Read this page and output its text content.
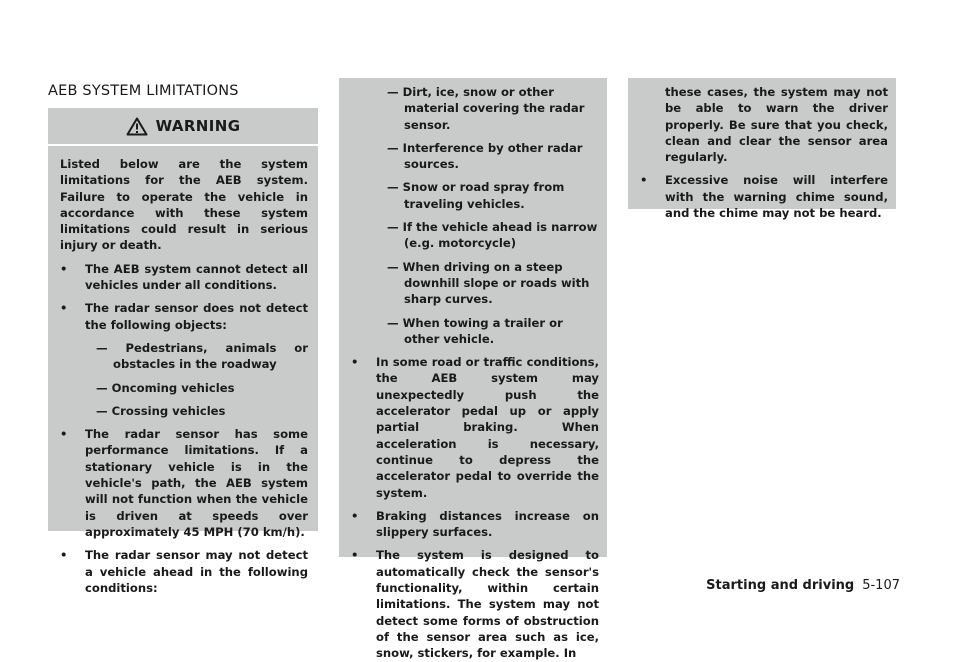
AEB SYSTEM LIMITATIONS
WARNING

Listed below are the system limitations for the AEB system. Failure to operate the vehicle in accordance with these system limitations could result in serious injury or death.

•	The AEB system cannot detect all vehicles under all conditions.
•	The radar sensor does not detect the following objects:
— Pedestrians, animals or obstacles in the roadway
— Oncoming vehicles
— Crossing vehicles
•	The radar sensor has some performance limitations. If a stationary vehicle is in the vehicle's path, the AEB system will not function when the vehicle is driven at speeds over approximately 45 MPH (70 km/h).
•	The radar sensor may not detect a vehicle ahead in the following conditions:
— Dirt, ice, snow or other material covering the radar sensor.
— Interference by other radar sources.
— Snow or road spray from traveling vehicles.
— If the vehicle ahead is narrow (e.g. motorcycle)
— When driving on a steep downhill slope or roads with sharp curves.
— When towing a trailer or other vehicle.
•	In some road or traffic conditions, the AEB system may unexpectedly push the accelerator pedal up or apply partial braking. When acceleration is necessary, continue to depress the accelerator pedal to override the system.
•	Braking distances increase on slippery surfaces.
•	The system is designed to automatically check the sensor's functionality, within certain limitations. The system may not detect some forms of obstruction of the sensor area such as ice, snow, stickers, for example. In

these cases, the system may not be able to warn the driver properly. Be sure that you check, clean and clear the sensor area regularly.

•	Excessive noise will interfere with the warning chime sound, and the chime may not be heard.
Starting and driving 5-107
